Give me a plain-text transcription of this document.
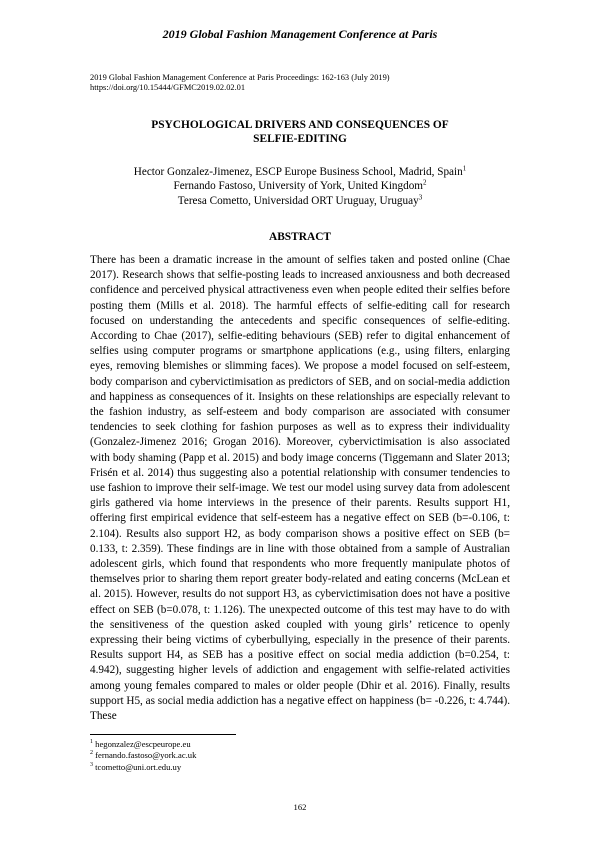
2019 Global Fashion Management Conference at Paris
2019 Global Fashion Management Conference at Paris Proceedings: 162-163 (July 2019)
https://doi.org/10.15444/GFMC2019.02.02.01
PSYCHOLOGICAL DRIVERS AND CONSEQUENCES OF
SELFIE-EDITING
Hector Gonzalez-Jimenez, ESCP Europe Business School, Madrid, Spain$^1$
Fernando Fastoso, University of York, United Kingdom$^2$
Teresa Cometto, Universidad ORT Uruguay, Uruguay$^3$
ABSTRACT
There has been a dramatic increase in the amount of selfies taken and posted online (Chae 2017). Research shows that selfie-posting leads to increased anxiousness and both decreased confidence and perceived physical attractiveness even when people edited their selfies before posting them (Mills et al. 2018). The harmful effects of selfie-editing call for research focused on understanding the antecedents and specific consequences of selfie-editing. According to Chae (2017), selfie-editing behaviours (SEB) refer to digital enhancement of selfies using computer programs or smartphone applications (e.g., using filters, enlarging eyes, removing blemishes or slimming faces). We propose a model focused on self-esteem, body comparison and cybervictimisation as predictors of SEB, and on social-media addiction and happiness as consequences of it. Insights on these relationships are especially relevant to the fashion industry, as self-esteem and body comparison are associated with consumer tendencies to seek clothing for fashion purposes as well as to express their individuality (Gonzalez-Jimenez 2016; Grogan 2016). Moreover, cybervictimisation is also associated with body shaming (Papp et al. 2015) and body image concerns (Tiggemann and Slater 2013; Frisén et al. 2014) thus suggesting also a potential relationship with consumer tendencies to use fashion to improve their self-image. We test our model using survey data from adolescent girls gathered via home interviews in the presence of their parents. Results support H1, offering first empirical evidence that self-esteem has a negative effect on SEB (b=-0.106, t: 2.104). Results also support H2, as body comparison shows a positive effect on SEB (b= 0.133, t: 2.359). These findings are in line with those obtained from a sample of Australian adolescent girls, which found that respondents who more frequently manipulate photos of themselves prior to sharing them report greater body-related and eating concerns (McLean et al. 2015). However, results do not support H3, as cybervictimisation does not have a positive effect on SEB (b=0.078, t: 1.126). The unexpected outcome of this test may have to do with the sensitiveness of the question asked coupled with young girls’ reticence to openly expressing their being victims of cyberbullying, especially in the presence of their parents. Results support H4, as SEB has a positive effect on social media addiction (b=0.254, t: 4.942), suggesting higher levels of addiction and engagement with selfie-related activities among young females compared to males or older people (Dhir et al. 2016). Finally, results support H5, as social media addiction has a negative effect on happiness (b= -0.226, t: 4.744). These
$^1$ hegonzalez@escpeurope.eu
$^2$ fernando.fastoso@york.ac.uk
$^3$ tcometto@uni.ort.edu.uy
162
